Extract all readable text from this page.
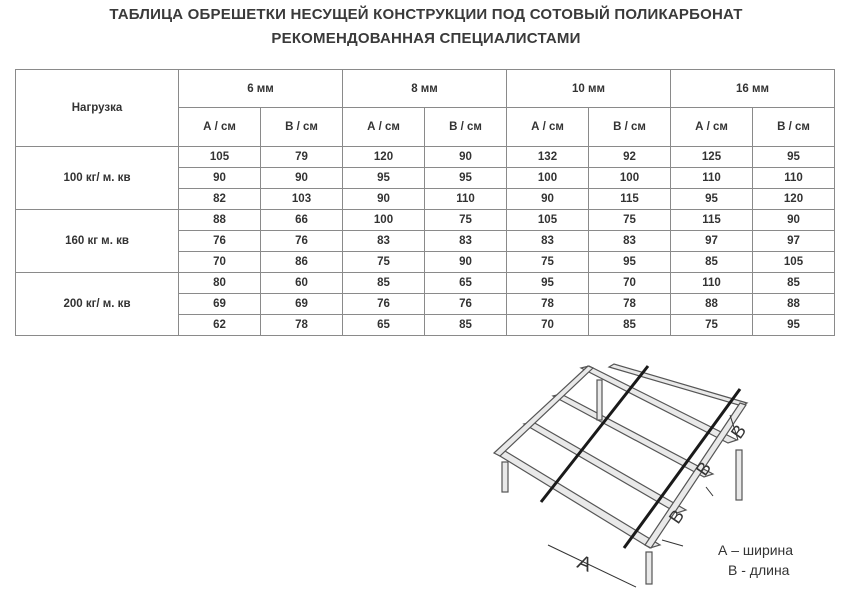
ТАБЛИЦА ОБРЕШЕТКИ НЕСУЩЕЙ КОНСТРУКЦИИ ПОД СОТОВЫЙ ПОЛИКАРБОНАТ
РЕКОМЕНДОВАННАЯ СПЕЦИАЛИСТАМИ
Нагрузка	6 мм		8 мм		10 мм		16 мм	
	А / см	В / см	А / см	В / см	А / см	В / см	А / см	В / см
100 кг/ м. кв	105	79	120	90	132	92	125	95
	90	90	95	95	100	100	110	110
	82	103	90	110	90	115	95	120
160 кг м. кв	88	66	100	75	105	75	115	90
	76	76	83	83	83	83	97	97
	70	86	75	90	75	95	85	105
200 кг/ м. кв	80	60	85	65	95	70	110	85
	69	69	76	76	78	78	88	88
	62	78	65	85	70	85	75	95
A
B
B
B
А – ширина
В - длина
